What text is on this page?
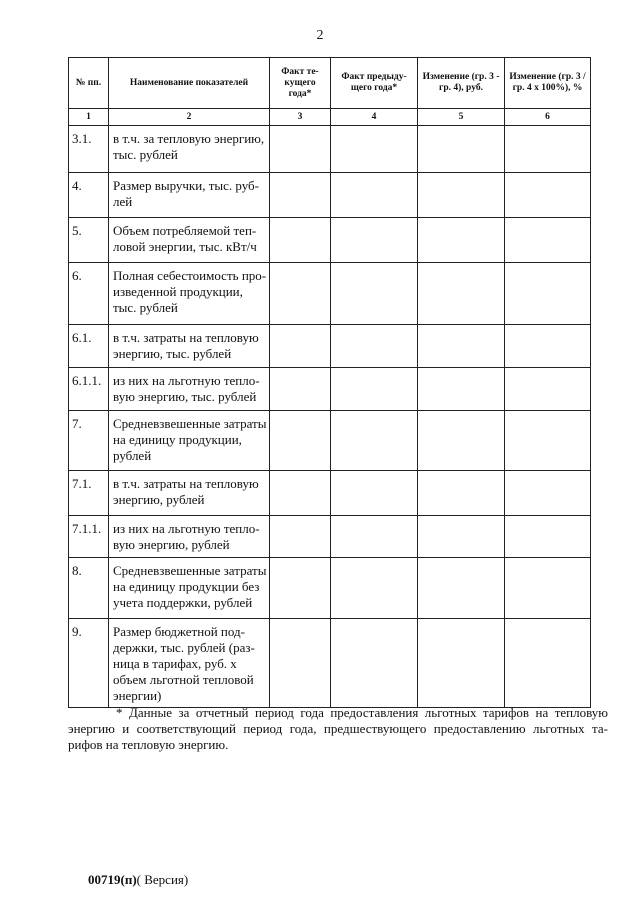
2
№ пп.	Наименование показателей	Факт те-кущего года*	Факт предыду-щего года*	Изменение (гр. 3 - гр. 4), руб.	Изменение (гр. 3 / гр. 4 х 100%), %
1	2	3	4	5	6
3.1.	в т.ч. за тепловую энергию, тыс. рублей				
4.	Размер выручки, тыс. руб-лей				
5.	Объем потребляемой теп-ловой энергии, тыс. кВт/ч				
6.	Полная себестоимость про-изведенной продукции, тыс. рублей				
6.1.	в т.ч. затраты на тепловую энергию, тыс. рублей				
6.1.1.	из них на льготную тепло-вую энергию, тыс. рублей				
7.	Средневзвешенные затраты на единицу продукции, рублей				
7.1.	в т.ч. затраты на тепловую энергию, рублей				
7.1.1.	из них на льготную тепло-вую энергию, рублей				
8.	Средневзвешенные затраты на единицу продукции без учета поддержки, рублей				
9.	Размер бюджетной под-держки, тыс. рублей (раз-ница в тарифах, руб. х объем льготной тепловой энергии)				
* Данные за отчетный период года предоставления льготных тарифов на тепловую энергию и соответствующий период года, предшествующего предоставлению льготных та-рифов на тепловую энергию.
00719(п)( Версия)
